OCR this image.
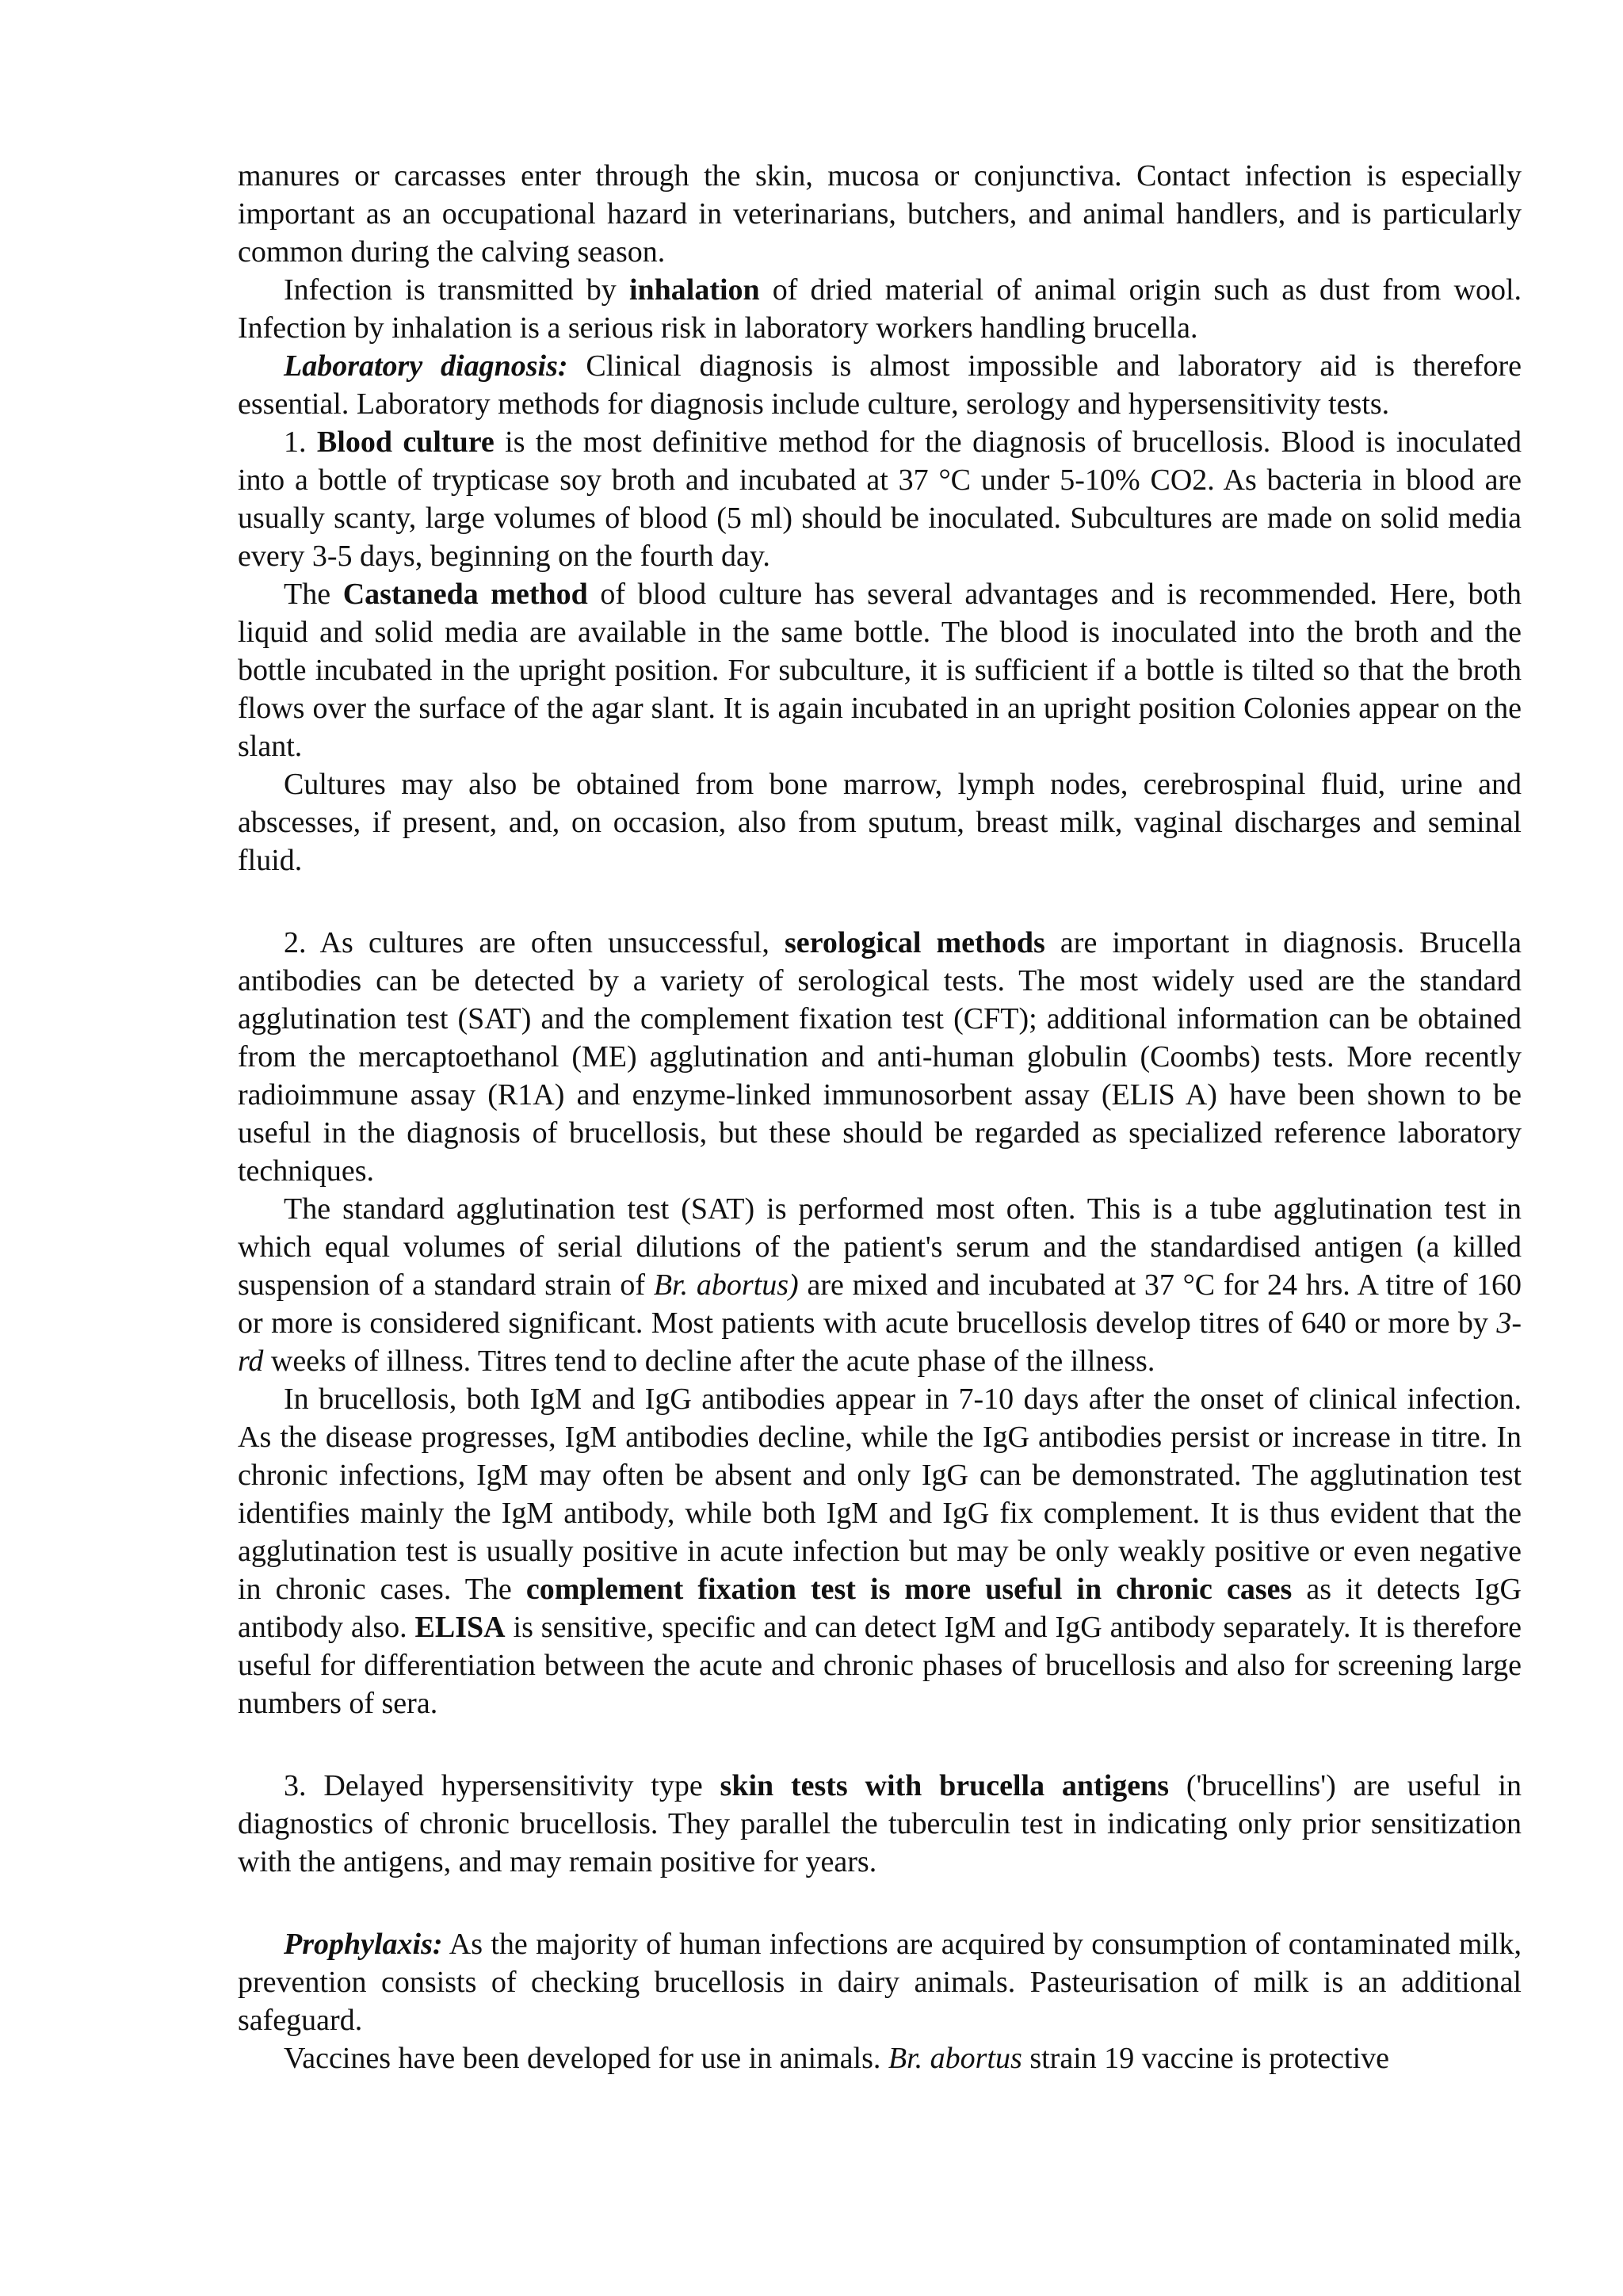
manures or carcasses enter through the skin, mucosa or conjunctiva. Contact infection is especially important as an occupational hazard in veterinarians, butchers, and animal handlers, and is particularly common during the calving season.

Infection is transmitted by inhalation of dried material of animal origin such as dust from wool. Infection by inhalation is a serious risk in laboratory workers handling brucella.

Laboratory diagnosis: Clinical diagnosis is almost impossible and laboratory aid is therefore essential. Laboratory methods for diagnosis include culture, serology and hypersensitivity tests.

1. Blood culture is the most definitive method for the diagnosis of brucellosis. Blood is inoculated into a bottle of trypticase soy broth and incubated at 37 °C under 5-10% CO2. As bacteria in blood are usually scanty, large volumes of blood (5 ml) should be inoculated. Subcultures are made on solid media every 3-5 days, beginning on the fourth day.

The Castaneda method of blood culture has several advantages and is recommended. Here, both liquid and solid media are available in the same bottle. The blood is inoculated into the broth and the bottle incubated in the upright position. For subculture, it is sufficient if a bottle is tilted so that the broth flows over the surface of the agar slant. It is again incubated in an upright position Colonies appear on the slant.

Cultures may also be obtained from bone marrow, lymph nodes, cerebrospinal fluid, urine and abscesses, if present, and, on occasion, also from sputum, breast milk, vaginal discharges and seminal fluid.

2. As cultures are often unsuccessful, serological methods are important in diagnosis. Brucella antibodies can be detected by a variety of serological tests. The most widely used are the standard agglutination test (SAT) and the complement fixation test (CFT); additional information can be obtained from the mercaptoethanol (ME) agglutination and anti-human globulin (Coombs) tests. More recently radioimmune assay (R1A) and enzyme-linked immunosorbent assay (ELIS A) have been shown to be useful in the diagnosis of brucellosis, but these should be regarded as specialized reference laboratory techniques.

The standard agglutination test (SAT) is performed most often. This is a tube agglutination test in which equal volumes of serial dilutions of the patient's serum and the standardised antigen (a killed suspension of a standard strain of Br. abortus) are mixed and incubated at 37 °C for 24 hrs. A titre of 160 or more is considered significant. Most patients with acute brucellosis develop titres of 640 or more by 3-rd weeks of illness. Titres tend to decline after the acute phase of the illness.

In brucellosis, both IgM and IgG antibodies appear in 7-10 days after the onset of clinical infection. As the disease progresses, IgM antibodies decline, while the IgG antibodies persist or increase in titre. In chronic infections, IgM may often be absent and only IgG can be demonstrated. The agglutination test identifies mainly the IgM antibody, while both IgM and IgG fix complement. It is thus evident that the agglutination test is usually positive in acute infection but may be only weakly positive or even negative in chronic cases. The complement fixation test is more useful in chronic cases as it detects IgG antibody also. ELISA is sensitive, specific and can detect IgM and IgG antibody separately. It is therefore useful for differentiation between the acute and chronic phases of brucellosis and also for screening large numbers of sera.

3. Delayed hypersensitivity type skin tests with brucella antigens ('brucellins') are useful in diagnostics of chronic brucellosis. They parallel the tuberculin test in indicating only prior sensitization with the antigens, and may remain positive for years.

Prophylaxis: As the majority of human infections are acquired by consumption of contaminated milk, prevention consists of checking brucellosis in dairy animals. Pasteurisation of milk is an additional safeguard.

Vaccines have been developed for use in animals. Br. abortus strain 19 vaccine is protective
